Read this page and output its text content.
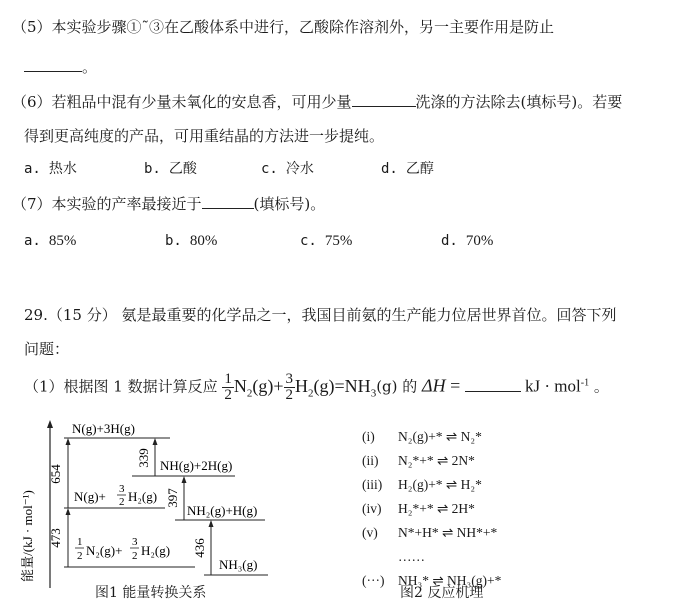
（5）本实验步骤①˜③在乙酸体系中进行，乙酸除作溶剂外，另一主要作用是防止
。
（6）若粗品中混有少量未氧化的安息香，可用少量	洗涤的方法除去(填标号)。若要
得到更高纯度的产品，可用重结晶的方法进一步提纯。
a. 热水	b. 乙酸	c. 冷水	d. 乙醇
（7）本实验的产率最接近于	(填标号)。
a. 85%	b. 80%	c. 75%	d. 70%
29.（15 分） 氨是最重要的化学品之一，我国目前氨的生产能力位居世界首位。回答下列
问题：
（1）根据图 1 数据计算反应 $\frac{1}{2} N_2(g)+ \frac{3}{2} H_2(g)=NH_3(g)$ 的 ΔH =	kJ · mol$^{-1}$ 。
能量/(kJ · mol⁻¹)
654
473
339
397
436
N(g)+3H(g)
NH(g)+2H(g)
N(g)+ 3
2 H₂(g)
NH₂(g)+H(g)
NH₃(g)
1
2 N₂(g)+
3
2 H₂(g)
图1 能量转换关系
(i) N₂(g)+* ⇌ N₂*
(ii) N₂*+* ⇌ 2N*
(iii) H₂(g)+* ⇌ H₂*
(iv) H₂*+* ⇌ 2H*
(v) N*+H* ⇌ NH*+*
……
(···) NH₃* ⇌ NH₃(g)+*
图2 反应机理
